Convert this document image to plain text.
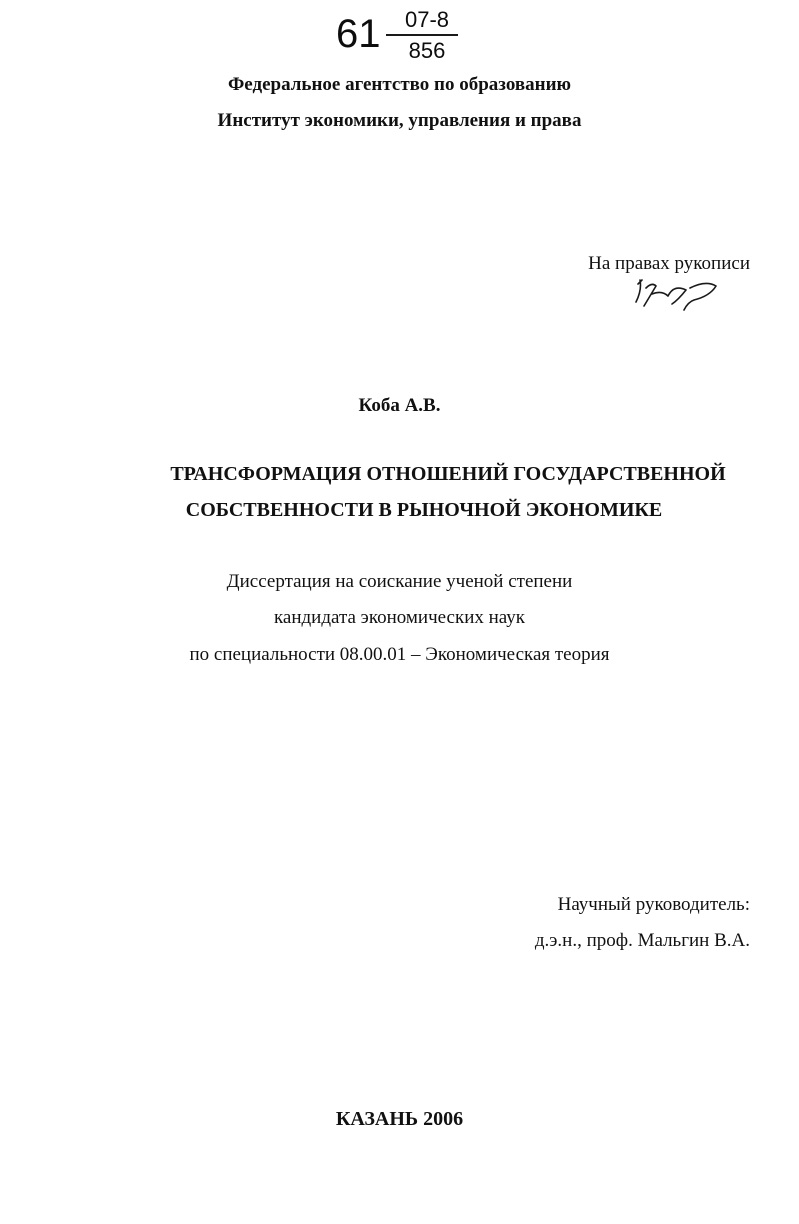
61	07-8
856
Федеральное агентство по образованию
Институт экономики, управления и права
На правах рукописи
Коба А.В.
ТРАНСФОРМАЦИЯ ОТНОШЕНИЙ ГОСУДАРСТВЕННОЙ
СОБСТВЕННОСТИ В РЫНОЧНОЙ ЭКОНОМИКЕ
Диссертация на соискание ученой степени
кандидата экономических наук
по специальности 08.00.01 – Экономическая теория
Научный руководитель:
д.э.н., проф. Мальгин В.А.
КАЗАНЬ 2006
